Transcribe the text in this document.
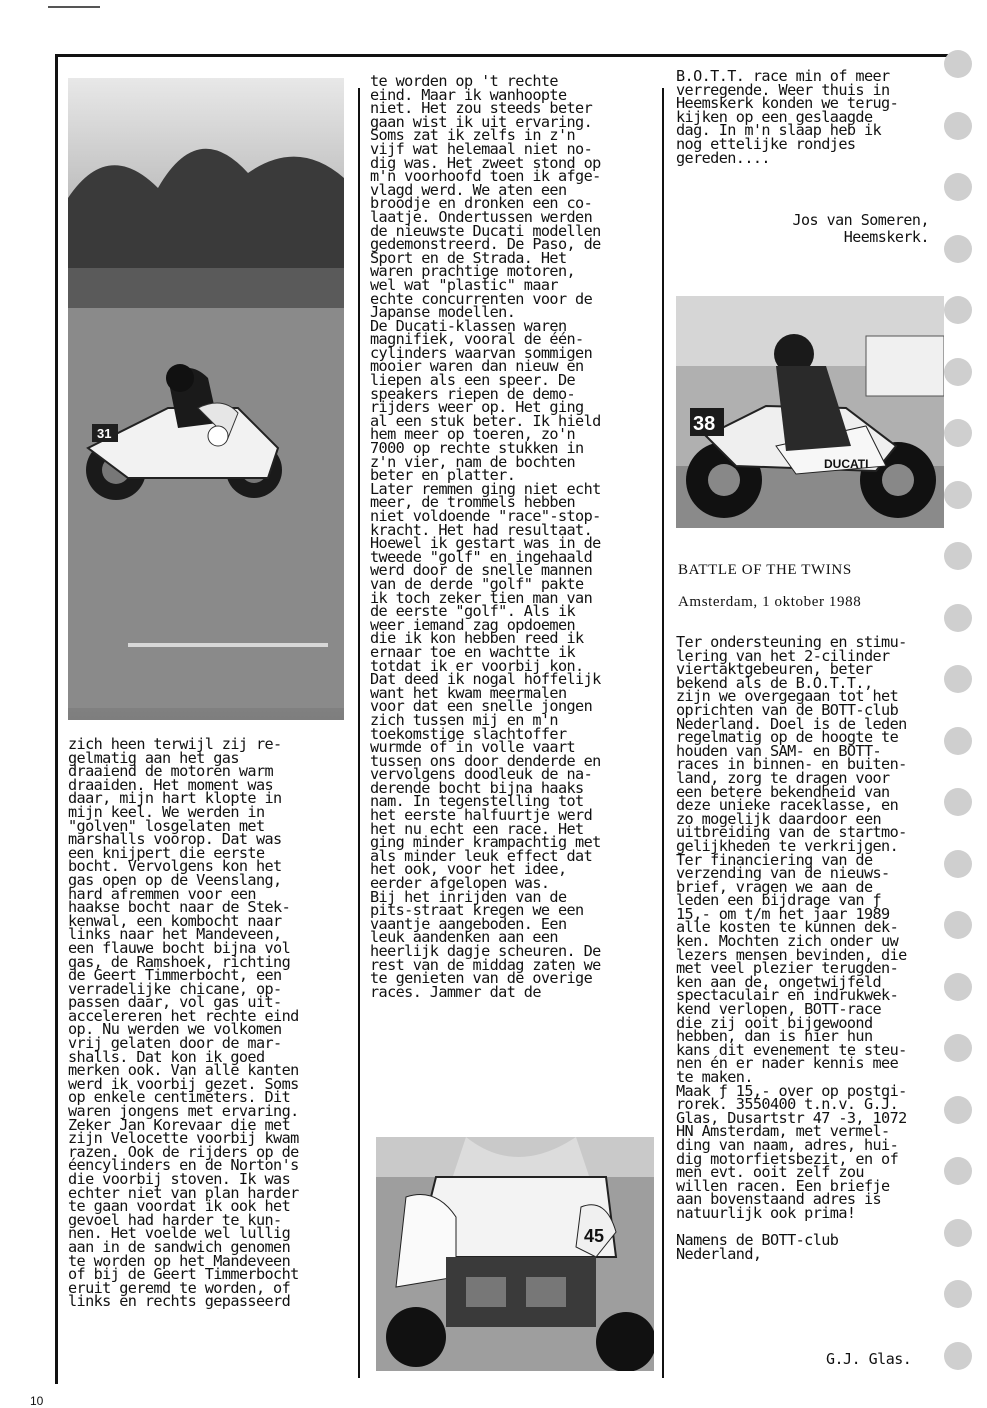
31	38
DUCATI
45
zich heen terwijl zij re-
gelmatig aan het gas
draaiend de motoren warm
draaiden. Het moment was
daar, mijn hart klopte in
mijn keel. We werden in
"golven" losgelaten met
marshalls voorop. Dat was
een knijpert die eerste
bocht. Vervolgens kon het
gas open op de Veenslang,
hard afremmen voor een
haakse bocht naar de Stek-
kenwal, een kombocht naar
links naar het Mandeveen,
een flauwe bocht bijna vol
gas, de Ramshoek, richting
de Geert Timmerbocht, een
verradelijke chicane, op-
passen daar, vol gas uit-
accelereren het rechte eind
op. Nu werden we volkomen
vrij gelaten door de mar-
shalls. Dat kon ik goed
merken ook. Van alle kanten
werd ik voorbij gezet. Soms
op enkele centimeters. Dit
waren jongens met ervaring.
Zeker Jan Korevaar die met
zijn Velocette voorbij kwam
razen. Ook de rijders op de
éencylinders en de Norton's
die voorbij stoven. Ik was
echter niet van plan harder
te gaan voordat ik ook het
gevoel had harder te kun-
nen. Het voelde wel lullig
aan in de sandwich genomen
te worden op het Mandeveen
of bij de Geert Timmerbocht
eruit geremd te worden, of
links en rechts gepasseerd
te worden op 't rechte
eind. Maar ik wanhoopte
niet. Het zou steeds beter
gaan wist ik uit ervaring.
Soms zat ik zelfs in z'n
vijf wat helemaal niet no-
dig was. Het zweet stond op
m'n voorhoofd toen ik afge-
vlagd werd. We aten een
broodje en dronken een co-
laatje. Ondertussen werden
de nieuwste Ducati modellen
gedemonstreerd. De Paso, de
Sport en de Strada. Het
waren prachtige motoren,
wel wat "plastic" maar
echte concurrenten voor de
Japanse modellen.
De Ducati-klassen waren
magnifiek, vooral de één-
cylinders waarvan sommigen
mooier waren dan nieuw en
liepen als een speer. De
speakers riepen de demo-
rijders weer op. Het ging
al een stuk beter. Ik hield
hem meer op toeren, zo'n
7000 op rechte stukken in
z'n vier, nam de bochten
beter en platter.
Later remmen ging niet echt
meer, de trommels hebben
niet voldoende "race"-stop-
kracht. Het had resultaat.
Hoewel ik gestart was in de
tweede "golf" en ingehaald
werd door de snelle mannen
van de derde "golf" pakte
ik toch zeker tien man van
de eerste "golf". Als ik
weer iemand zag opdoemen
die ik kon hebben reed ik
ernaar toe en wachtte ik
totdat ik er voorbij kon.
Dat deed ik nogal hoffelijk
want het kwam meermalen
voor dat een snelle jongen
zich tussen mij en m'n
toekomstige slachtoffer
wurmde of in volle vaart
tussen ons door denderde en
vervolgens doodleuk de na-
derende bocht bijna haaks
nam. In tegenstelling tot
het eerste halfuurtje werd
het nu echt een race. Het
ging minder krampachtig met
als minder leuk effect dat
het ook, voor het idee,
eerder afgelopen was.
Bij het inrijden van de
pits-straat kregen we een
vaantje aangeboden. Een
leuk aandenken aan een
heerlijk dagje scheuren. De
rest van de middag zaten we
te genieten van de overige
races. Jammer dat de
B.O.T.T. race min of meer
verregende. Weer thuis in
Heemskerk konden we terug-
kijken op een geslaagde
dag. In m'n slaap heb ik
nog ettelijke rondjes
gereden....
Jos van Someren,
Heemskerk.
BATTLE OF THE TWINS
Amsterdam, 1 oktober 1988
Ter ondersteuning en stimu-
lering van het 2-cilinder
viertaktgebeuren, beter
bekend als de B.O.T.T.,
zijn we overgegaan tot het
oprichten van de BOTT-club
Nederland. Doel is de leden
regelmatig op de hoogte te
houden van SAM- en BOTT-
races in binnen- en buiten-
land, zorg te dragen voor
een betere bekendheid van
deze unieke raceklasse, en
zo mogelijk daardoor een
uitbreiding van de startmo-
gelijkheden te verkrijgen.
Ter financiering van de
verzending van de nieuws-
brief, vragen we aan de
leden een bijdrage van ƒ
15,- om t/m het jaar 1989
alle kosten te kunnen dek-
ken. Mochten zich onder uw
lezers mensen bevinden, die
met veel plezier terugden-
ken aan de, ongetwijfeld
spectaculair en indrukwek-
kend verlopen, BOTT-race
die zij ooit bijgewoond
hebben, dan is hier hun
kans dit evenement te steu-
nen én er nader kennis mee
te maken.
Maak ƒ 15,- over op postgi-
rorek. 3550400 t.n.v. G.J.
Glas, Dusartstr 47 -3, 1072
HN Amsterdam, met vermel-
ding van naam, adres, hui-
dig motorfietsbezit, en of
men evt. ooit zelf zou
willen racen. Een briefje
aan bovenstaand adres is
natuurlijk ook prima!

Namens de BOTT-club
Nederland,
G.J. Glas.
10
